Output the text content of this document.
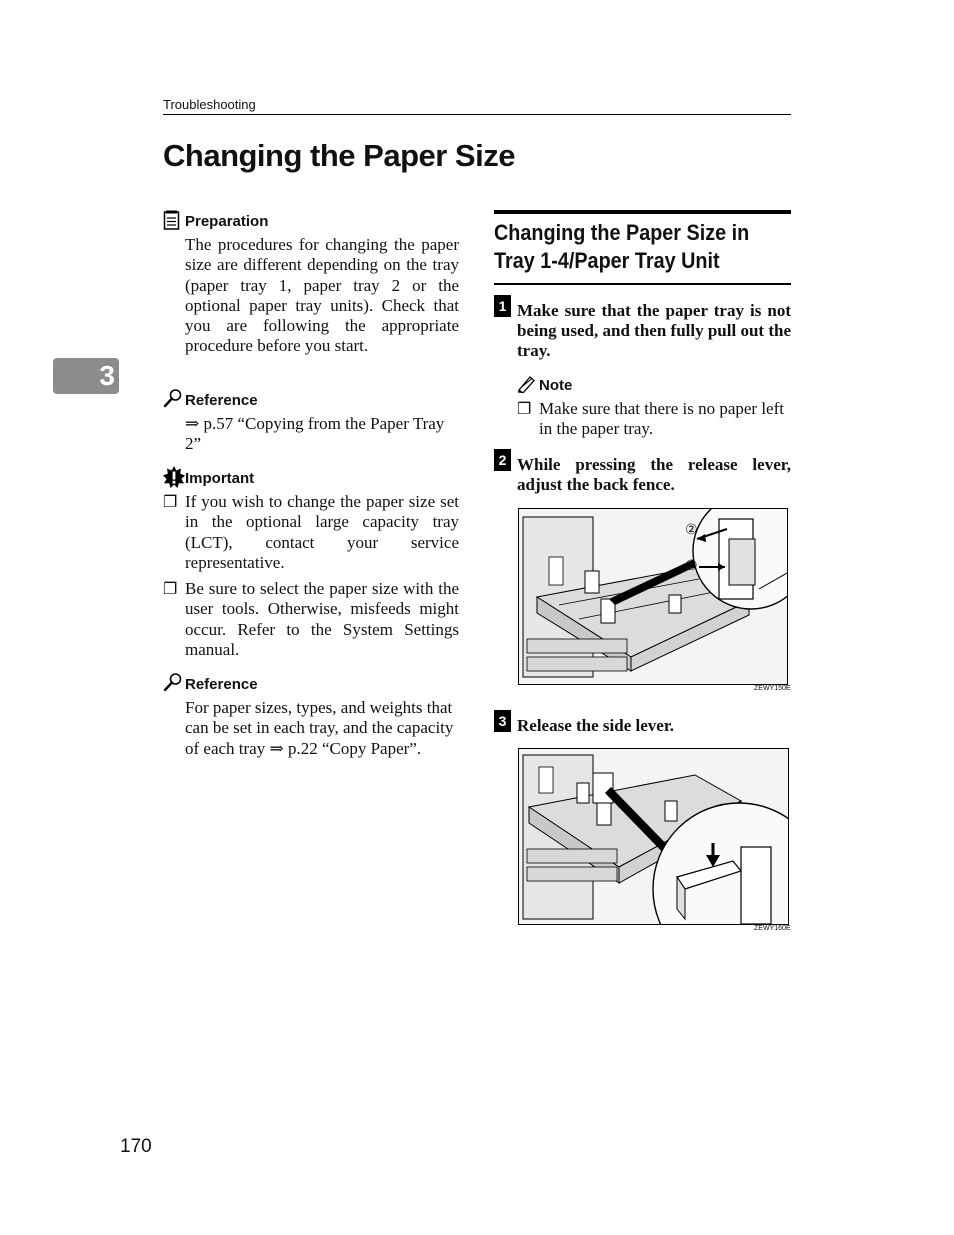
Troubleshooting
Changing the Paper Size
3
Preparation
The procedures for changing the paper size are different depending on the tray (paper tray 1, paper tray 2 or the optional paper tray units). Check that you are following the appropriate procedure before you start.
Reference
⇒ p.57 “Copying from the Paper Tray 2”
Important
❐ If you wish to change the paper size set in the optional large capacity tray (LCT), contact your service representative.
❐ Be sure to select the paper size with the user tools. Otherwise, misfeeds might occur. Refer to the System Settings manual.
Reference
For paper sizes, types, and weights that can be set in each tray, and the capacity of each tray ⇒ p.22 “Copy Paper”.
Changing the Paper Size in Tray 1-4/Paper Tray Unit
1 Make sure that the paper tray is not being used, and then fully pull out the tray.
Note
❐ Make sure that there is no paper left in the paper tray.
2 While pressing the release lever, adjust the back fence.
②
①
ZEWY150E
3 Release the side lever.
ZEWY160E
170
